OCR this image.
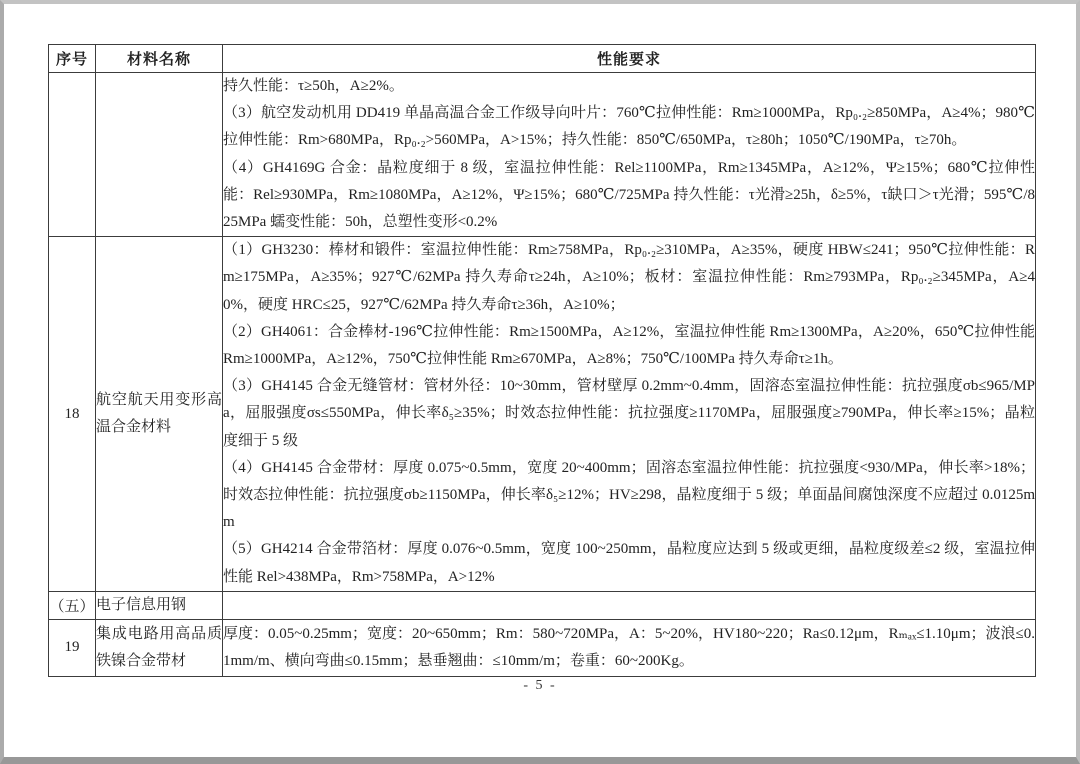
序号	材料名称	性能要求

		持久性能：τ≥50h，A≥2%。

（3）航空发动机用 DD419 单晶高温合金工作级导向叶片：760℃拉伸性能：Rm≥1000MPa，Rp₀.₂≥850MPa，A≥4%；980℃拉伸性能：Rm>680MPa，Rp₀.₂>560MPa，A>15%；持久性能：850℃/650MPa，τ≥80h；1050℃/190MPa，τ≥70h。

（4）GH4169G 合金：晶粒度细于 8 级，室温拉伸性能：Rel≥1100MPa，Rm≥1345MPa，A≥12%，Ψ≥15%；680℃拉伸性能：Rel≥930MPa，Rm≥1080MPa，A≥12%，Ψ≥15%；680℃/725MPa 持久性能：τ光滑≥25h，δ≥5%，τ缺口＞τ光滑；595℃/825MPa 蠕变性能：50h，总塑性变形<0.2%

18	航空航天用变形高温合金材料	（1）GH3230：棒材和锻件：室温拉伸性能：Rm≥758MPa，Rp₀.₂≥310MPa，A≥35%，硬度 HBW≤241；950℃拉伸性能：Rm≥175MPa，A≥35%；927℃/62MPa 持久寿命τ≥24h，A≥10%；板材：室温拉伸性能：Rm≥793MPa，Rp₀.₂≥345MPa，A≥40%，硬度 HRC≤25，927℃/62MPa 持久寿命τ≥36h，A≥10%；

（2）GH4061：合金棒材-196℃拉伸性能：Rm≥1500MPa，A≥12%，室温拉伸性能 Rm≥1300MPa，A≥20%，650℃拉伸性能 Rm≥1000MPa，A≥12%，750℃拉伸性能 Rm≥670MPa，A≥8%；750℃/100MPa 持久寿命τ≥1h。

（3）GH4145 合金无缝管材：管材外径：10~30mm，管材壁厚 0.2mm~0.4mm，固溶态室温拉伸性能：抗拉强度σb≤965/MPa，屈服强度σs≤550MPa，伸长率δ₅≥35%；时效态拉伸性能：抗拉强度≥1170MPa，屈服强度≥790MPa，伸长率≥15%；晶粒度细于 5 级

（4）GH4145 合金带材：厚度 0.075~0.5mm，宽度 20~400mm；固溶态室温拉伸性能：抗拉强度<930/MPa，伸长率>18%；时效态拉伸性能：抗拉强度σb≥1150MPa，伸长率δ₅≥12%；HV≥298，晶粒度细于 5 级；单面晶间腐蚀深度不应超过 0.0125mm

（5）GH4214 合金带箔材：厚度 0.076~0.5mm，宽度 100~250mm，晶粒度应达到 5 级或更细，晶粒度级差≤2 级，室温拉伸性能 Rel>438MPa，Rm>758MPa，A>12%

（五）	电子信息用钢	
19	集成电路用高品质铁镍合金带材	厚度：0.05~0.25mm；宽度：20~650mm；Rm：580~720MPa，A：5~20%，HV180~220；Ra≤0.12μm，Rₘₐₓ≤1.10μm；波浪≤0.1mm/m、横向弯曲≤0.15mm；悬垂翘曲：≤10mm/m；卷重：60~200Kg。

- 5 -
